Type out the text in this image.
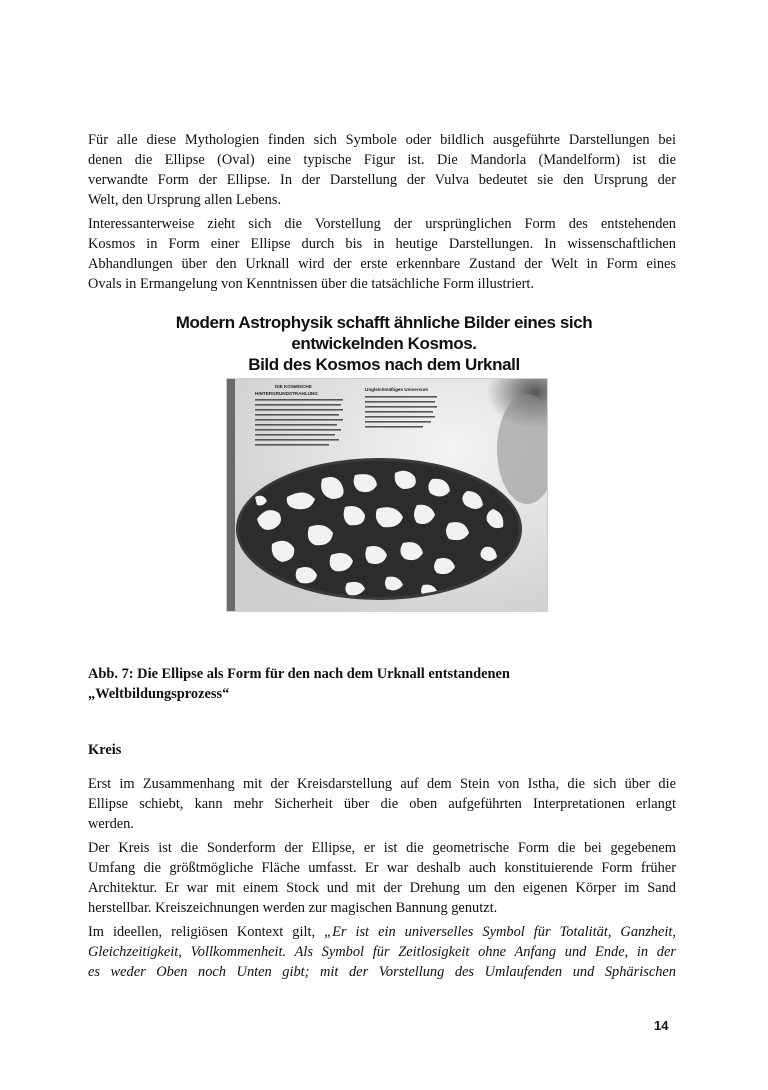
Für alle diese Mythologien finden sich Symbole oder bildlich ausgeführte Darstellungen bei
denen die Ellipse (Oval) eine typische Figur ist. Die Mandorla (Mandelform) ist die
verwandte Form der Ellipse. In der Darstellung der Vulva bedeutet sie den Ursprung der
Welt, den Ursprung allen Lebens.

Interessanterweise zieht sich die Vorstellung der ursprünglichen Form des entstehenden
Kosmos in Form einer Ellipse durch bis in heutige Darstellungen. In wissenschaftlichen
Abhandlungen über den Urknall wird der erste erkennbare Zustand der Welt in Form eines
Ovals in Ermangelung von Kenntnissen über die tatsächliche Form illustriert.

Modern Astrophysik schafft ähnliche Bilder eines sich
entwickelnden Kosmos.
Bild des Kosmos nach dem Urknall
DIE KOSMISCHE
HINTERGRUNDSTRAHLUNG
Ungleichmäßiges Universum

Abb. 7: Die Ellipse als Form für den nach dem Urknall entstandenen
„Weltbildungsprozess“

Kreis

Erst im Zusammenhang mit der Kreisdarstellung auf dem Stein von Istha, die sich über die
Ellipse schiebt, kann mehr Sicherheit über die oben aufgeführten Interpretationen erlangt
werden.

Der Kreis ist die Sonderform der Ellipse, er ist die geometrische Form die bei gegebenem
Umfang die größtmögliche Fläche umfasst. Er war deshalb auch konstituierende Form früher
Architektur. Er war mit einem Stock und mit der Drehung um den eigenen Körper im Sand
herstellbar. Kreiszeichnungen werden zur magischen Bannung genutzt.

Im ideellen, religiösen Kontext gilt, „Er ist ein universelles Symbol für Totalität, Ganzheit,
Gleichzeitigkeit, Vollkommenheit. Als Symbol für Zeitlosigkeit ohne Anfang und Ende, in der
es weder Oben noch Unten gibt; mit der Vorstellung des Umlaufenden und Sphärischen

14
